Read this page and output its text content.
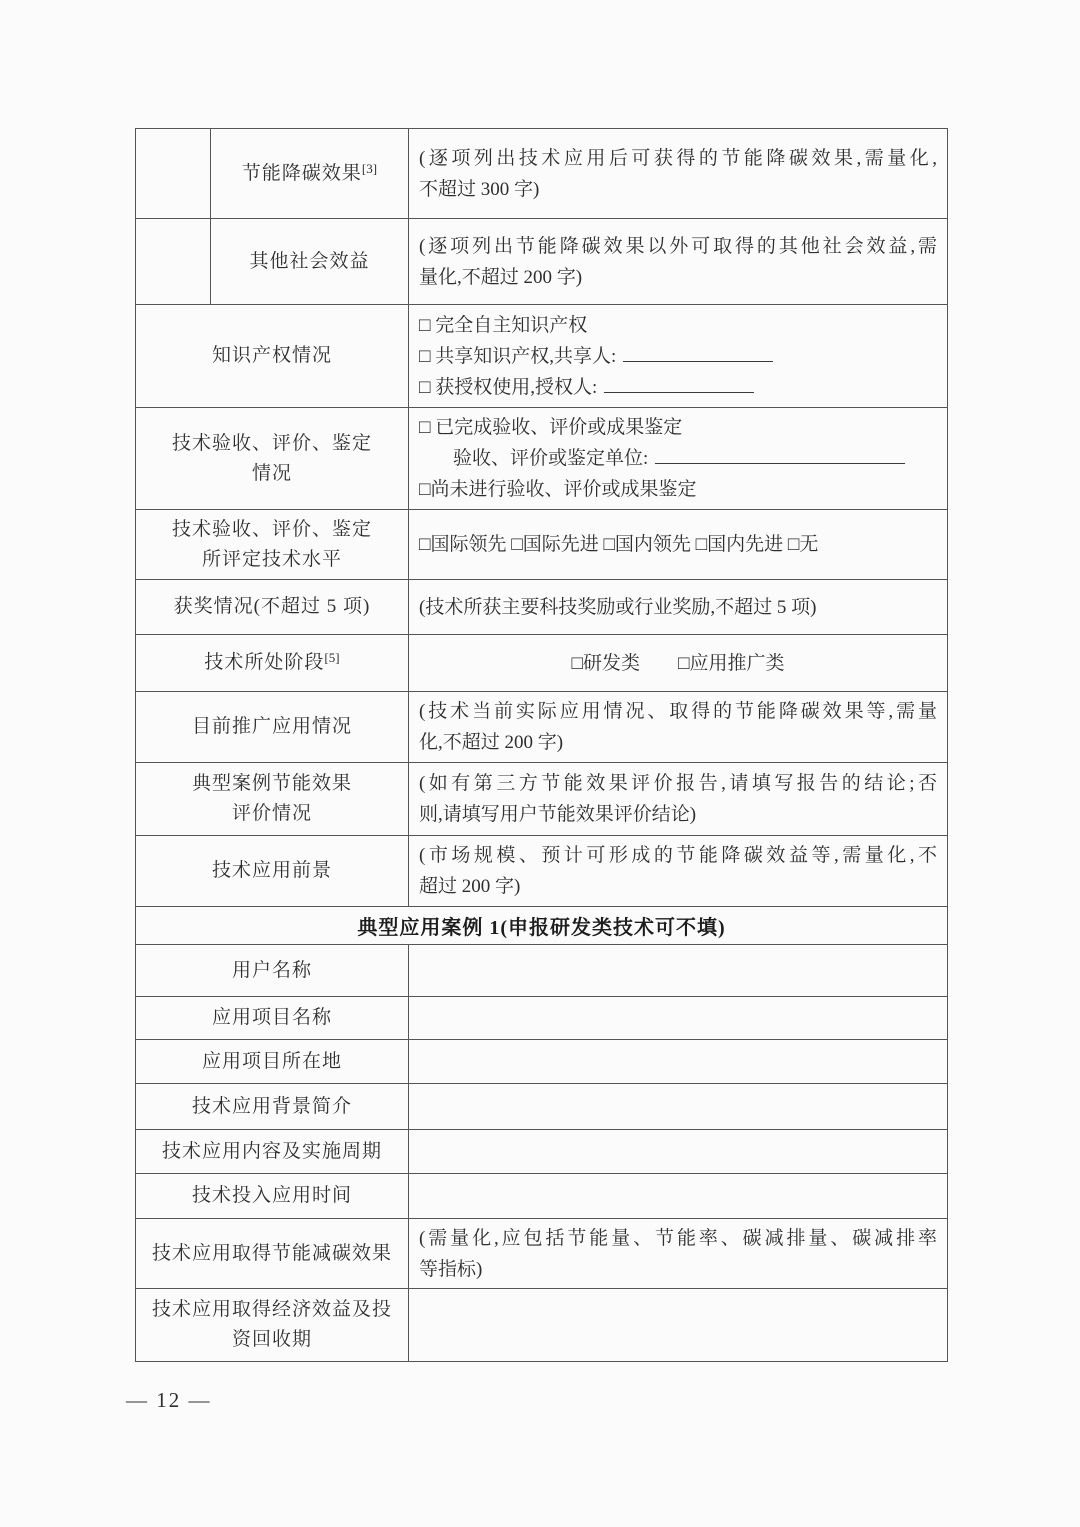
节能降碳效果[3] (逐项列出技术应用后可获得的节能降碳效果,需量化,
不超过 300 字)
其他社会效益
(逐项列出节能降碳效果以外可取得的其他社会效益,需
量化,不超过 200 字)
知识产权情况
□ 完全自主知识产权
□ 共享知识产权,共享人:
□ 获授权使用,授权人:
技术验收、评价、鉴定
情况
□ 已完成验收、评价或成果鉴定
验收、评价或鉴定单位:
□尚未进行验收、评价或成果鉴定
技术验收、评价、鉴定
所评定技术水平
□国际领先 □国际先进 □国内领先 □国内先进 □无
获奖情况(不超过 5 项)	(技术所获主要科技奖励或行业奖励,不超过 5 项)
技术所处阶段[5]	□研发类　　□应用推广类
目前推广应用情况
(技术当前实际应用情况、取得的节能降碳效果等,需量
化,不超过 200 字)
典型案例节能效果
评价情况
(如有第三方节能效果评价报告,请填写报告的结论;否
则,请填写用户节能效果评价结论)
技术应用前景
(市场规模、预计可形成的节能降碳效益等,需量化,不
超过 200 字)
典型应用案例 1(申报研发类技术可不填)
用户名称
应用项目名称
应用项目所在地
技术应用背景简介
技术应用内容及实施周期
技术投入应用时间
技术应用取得节能减碳效果
(需量化,应包括节能量、节能率、碳减排量、碳减排率
等指标)
技术应用取得经济效益及投
资回收期
— 12 —
